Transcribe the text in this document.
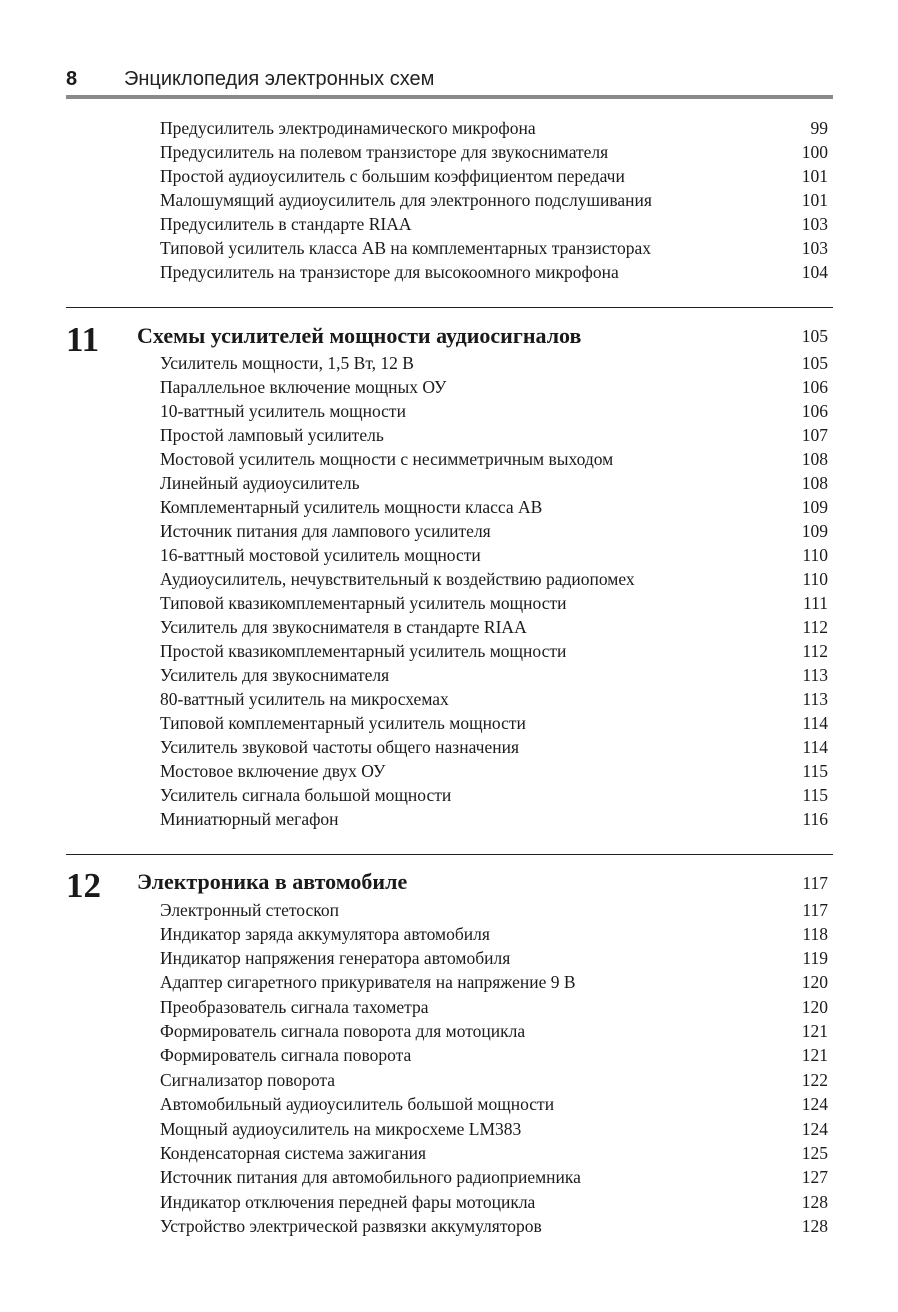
8 Энциклопедия электронных схем
Предусилитель электродинамического микрофона	99
Предусилитель на полевом транзисторе для звукоснимателя	100
Простой аудиоусилитель с большим коэффициентом передачи	101
Малошумящий аудиоусилитель для электронного подслушивания	101
Предусилитель в стандарте RIAA	103
Типовой усилитель класса АВ на комплементарных транзисторах	103
Предусилитель на транзисторе для высокоомного микрофона	104
11 Схемы усилителей мощности аудиосигналов	105
Усилитель мощности, 1,5 Вт, 12 В	105
Параллельное включение мощных ОУ	106
10-ваттный усилитель мощности	106
Простой ламповый усилитель	107
Мостовой усилитель мощности с несимметричным выходом	108
Линейный аудиоусилитель	108
Комплементарный усилитель мощности класса АВ	109
Источник питания для лампового усилителя	109
16-ваттный мостовой усилитель мощности	110
Аудиоусилитель, нечувствительный к воздействию радиопомех	110
Типовой квазикомплементарный усилитель мощности	111
Усилитель для звукоснимателя в стандарте RIAA	112
Простой квазикомплементарный усилитель мощности	112
Усилитель для звукоснимателя	113
80-ваттный усилитель на микросхемах	113
Типовой комплементарный усилитель мощности	114
Усилитель звуковой частоты общего назначения	114
Мостовое включение двух ОУ	115
Усилитель сигнала большой мощности	115
Миниатюрный мегафон	116
12 Электроника в автомобиле	117
Электронный стетоскоп	117
Индикатор заряда аккумулятора автомобиля	118
Индикатор напряжения генератора автомобиля	119
Адаптер сигаретного прикуривателя на напряжение 9 В	120
Преобразователь сигнала тахометра	120
Формирователь сигнала поворота для мотоцикла	121
Формирователь сигнала поворота	121
Сигнализатор поворота	122
Автомобильный аудиоусилитель большой мощности	124
Мощный аудиоусилитель на микросхеме LM383	124
Конденсаторная система зажигания	125
Источник питания для автомобильного радиоприемника	127
Индикатор отключения передней фары мотоцикла	128
Устройство электрической развязки аккумуляторов	128
